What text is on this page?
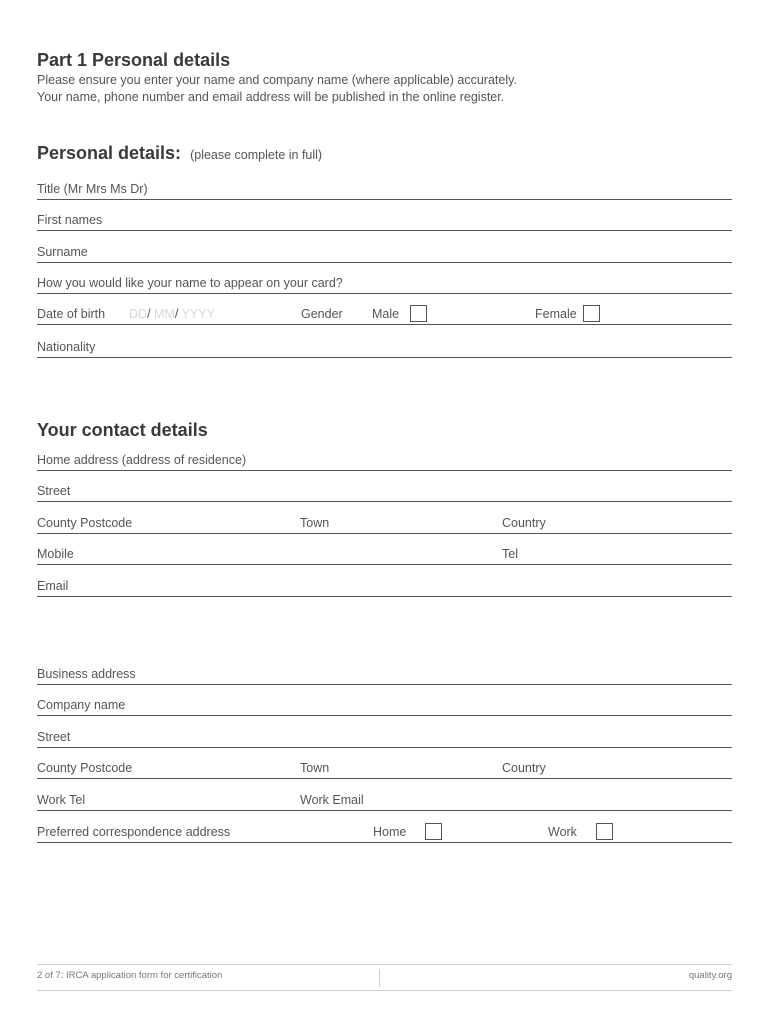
Part 1 Personal details
Please ensure you enter your name and company name (where applicable) accurately.
Your name, phone number and email address will be published in the online register.
Personal details: (please complete in full)
Title (Mr Mrs Ms Dr)
First names
Surname
How you would like your name to appear on your card?
Date of birth DD/ MM/ YYYY	Gender Male	Female
Nationality
Your contact details
Home address (address of residence)
Street
County Postcode	Town	Country
Mobile	Tel
Email
Business address
Company name
Street
County Postcode	Town	Country
Work Tel	Work Email
Preferred correspondence address	Home	Work
2 of 7: IRCA application form for certification	quality.org
